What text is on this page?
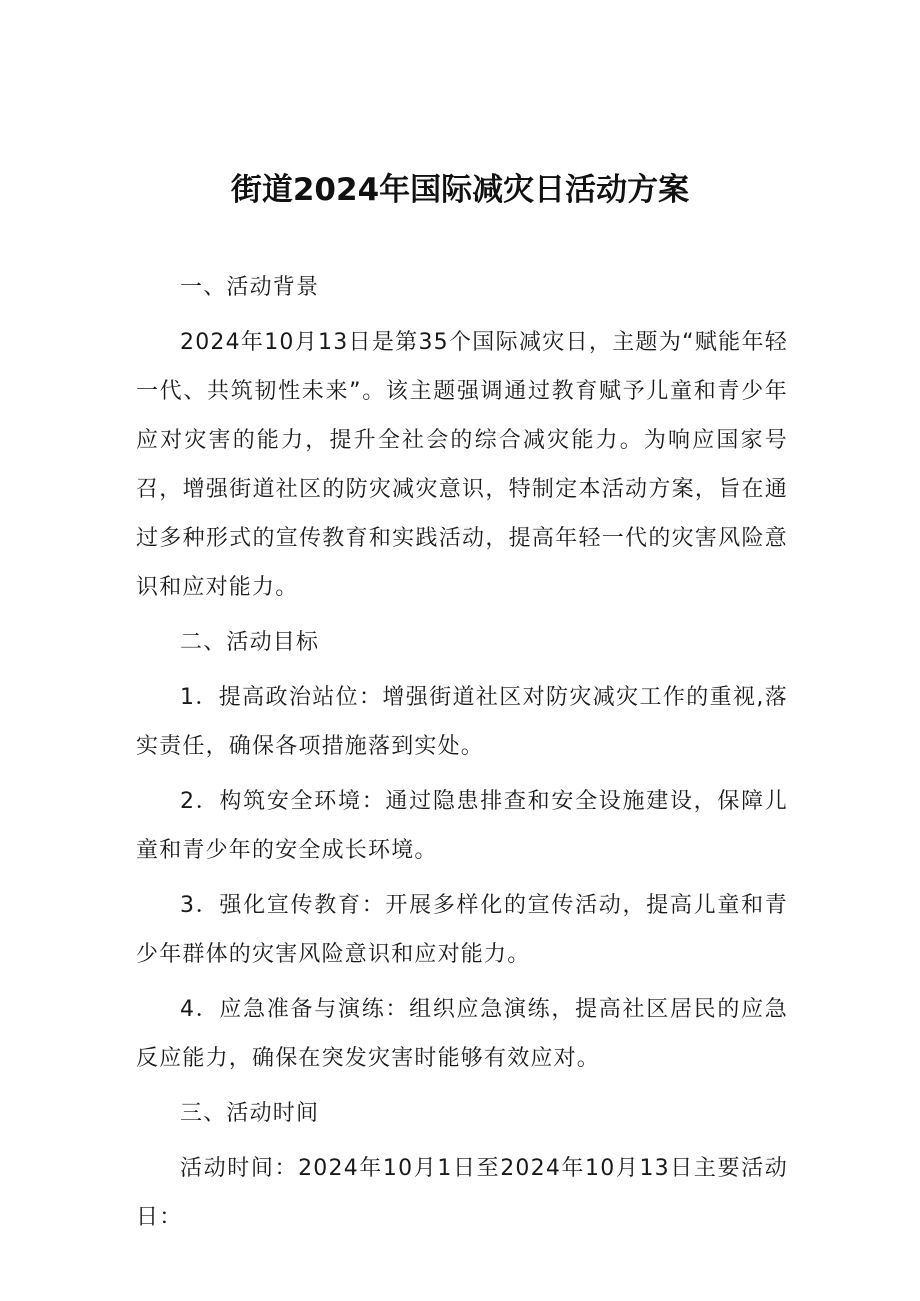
街道2024年国际减灾日活动方案

一、活动背景

2024年10月13日是第35个国际减灾日，主题为“赋能年轻一代、共筑韧性未来”。该主题强调通过教育赋予儿童和青少年应对灾害的能力，提升全社会的综合减灾能力。为响应国家号召，增强街道社区的防灾减灾意识，特制定本活动方案，旨在通过多种形式的宣传教育和实践活动，提高年轻一代的灾害风险意识和应对能力。

二、活动目标

1．提高政治站位：增强街道社区对防灾减灾工作的重视,落实责任，确保各项措施落到实处。

2．构筑安全环境：通过隐患排查和安全设施建设，保障儿童和青少年的安全成长环境。

3．强化宣传教育：开展多样化的宣传活动，提高儿童和青少年群体的灾害风险意识和应对能力。

4．应急准备与演练：组织应急演练，提高社区居民的应急反应能力，确保在突发灾害时能够有效应对。

三、活动时间

活动时间：2024年10月1日至2024年10月13日主要活动日：
